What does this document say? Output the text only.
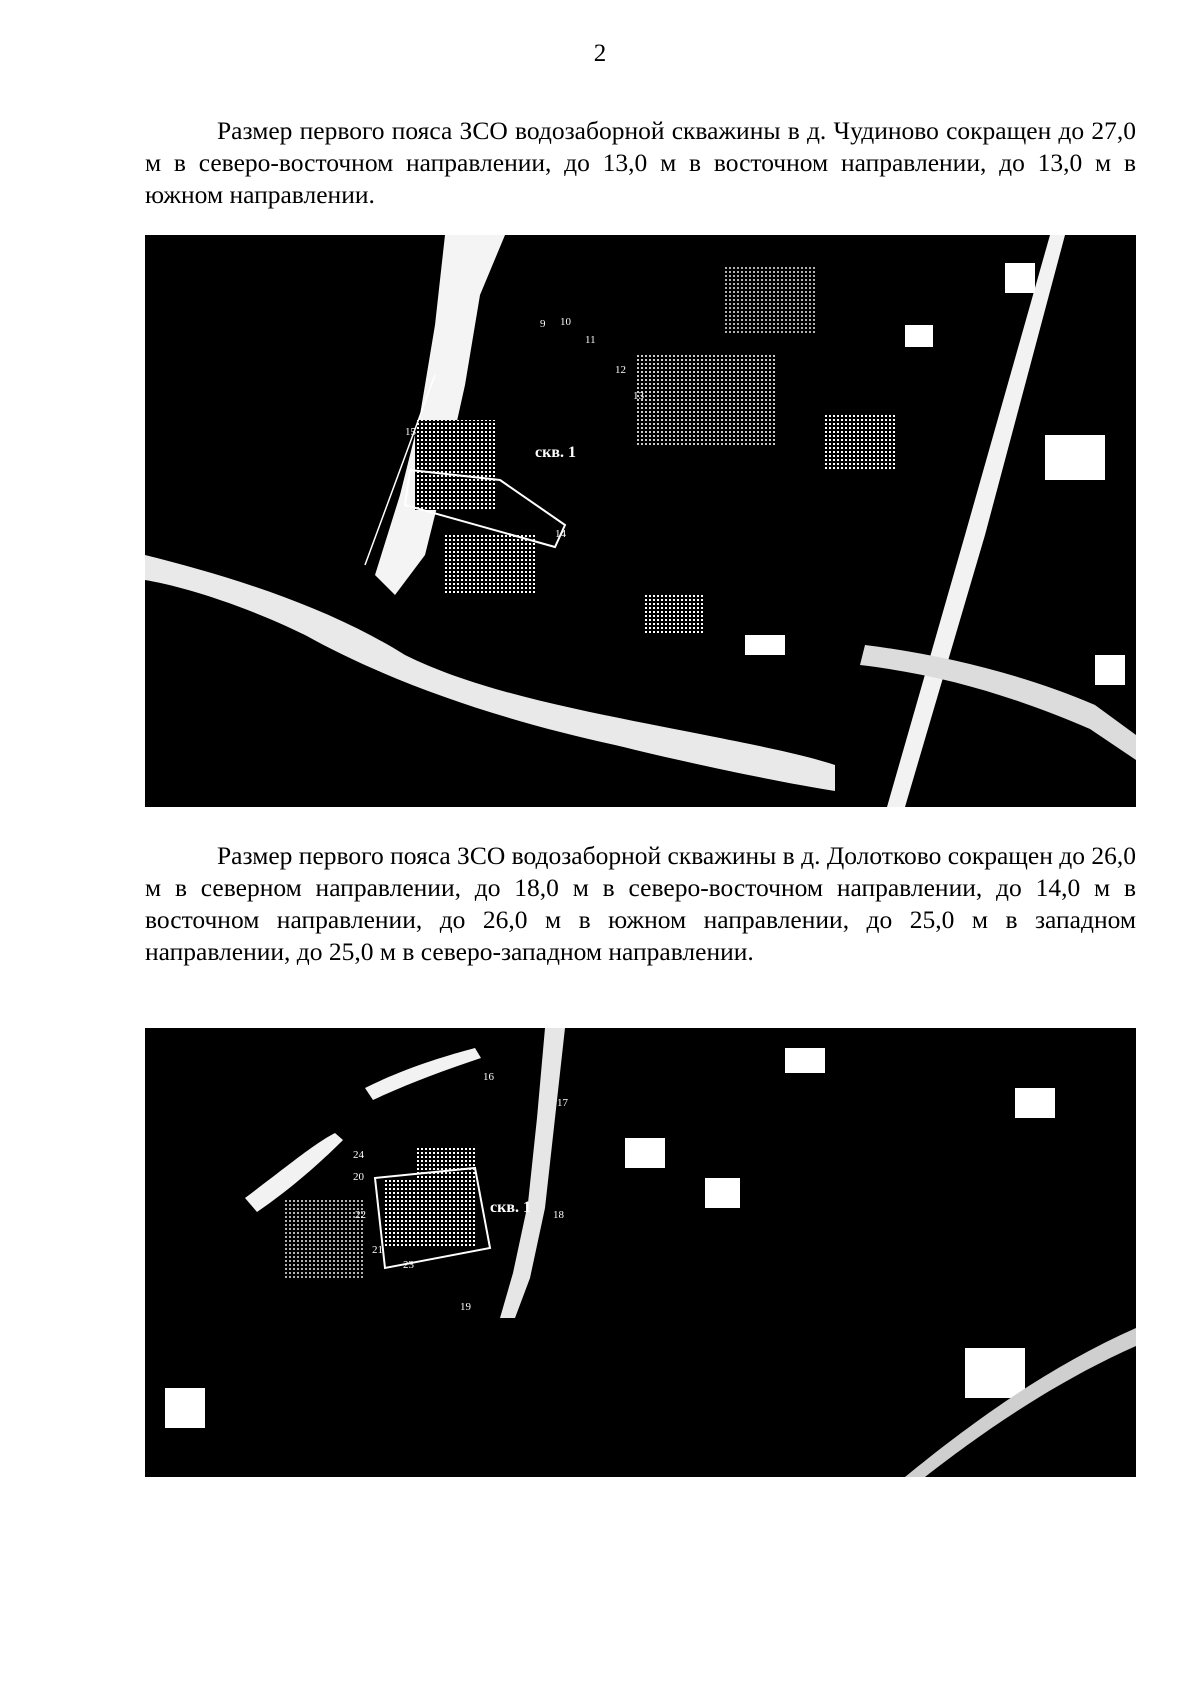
2

Размер первого пояса ЗСО водозаборной скважины в д. Чудиново сокращен до 27,0 м в северо-восточном направлении, до 13,0 м в восточном направлении, до 13,0 м в южном направлении.

скв. 1
9 10
11
12
13
14
15

Размер первого пояса ЗСО водозаборной скважины в д. Долотково сокращен до 26,0 м в северном направлении, до 18,0 м в северо-восточном направлении, до 14,0 м в восточном направлении, до 26,0 м в южном направлении, до 25,0 м в западном направлении, до 25,0 м в северо-западном направлении.

скв. 1
16
17
18
19
20
21
22
23
24
